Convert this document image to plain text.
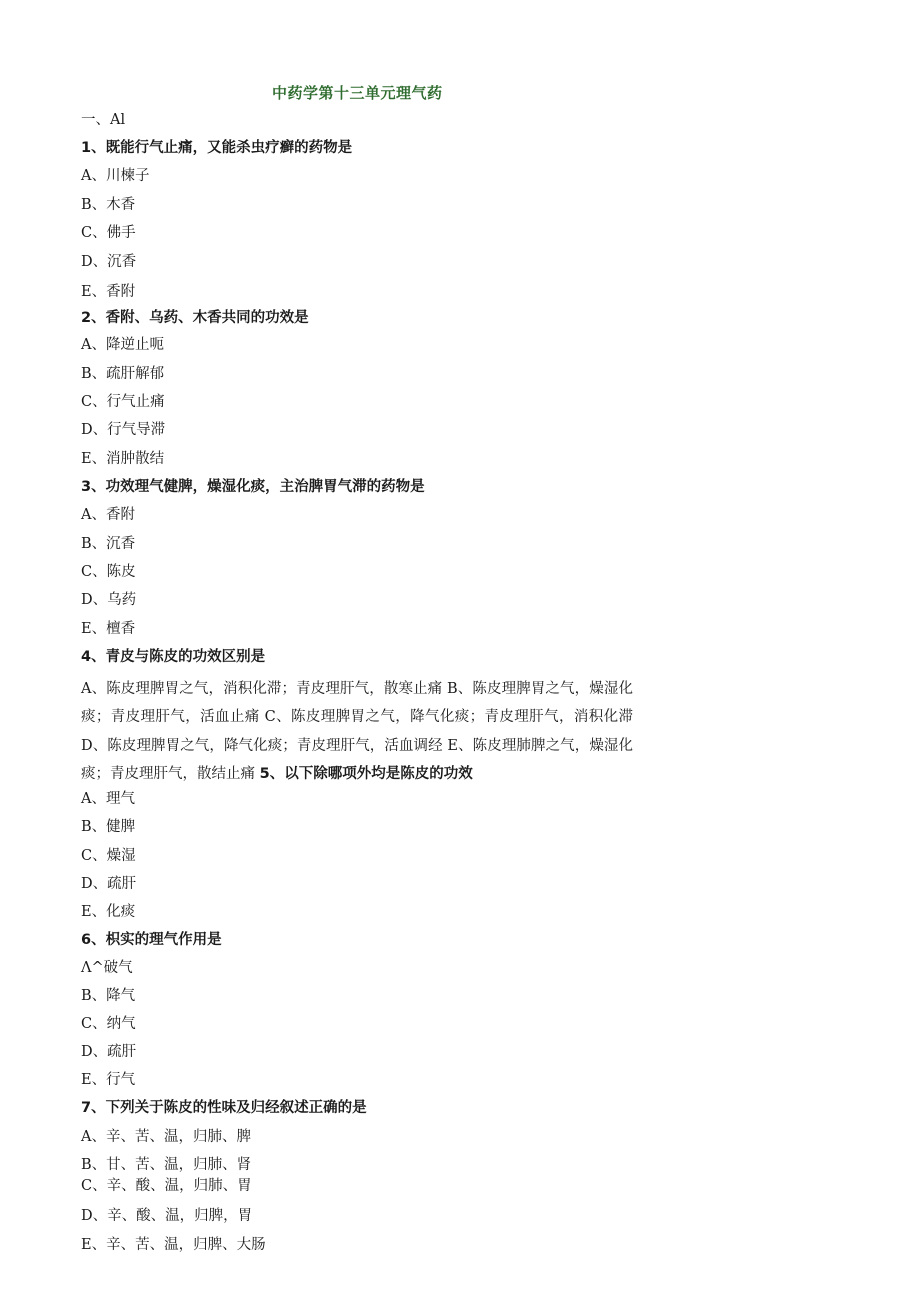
中药学第十三单元理气药
一、Al
1、既能行气止痛，又能杀虫疗癣的药物是
A、川楝子
B、木香
C、佛手
D、沉香
E、香附
2、香附、乌药、木香共同的功效是
A、降逆止呃
B、疏肝解郁
C、行气止痛
D、行气导滞
E、消肿散结
3、功效理气健脾，燥湿化痰，主治脾胃气滞的药物是
A、香附
B、沉香
C、陈皮
D、乌药
E、檀香
4、青皮与陈皮的功效区别是
A、陈皮理脾胃之气，消积化滞；青皮理肝气，散寒止痛 B、陈皮理脾胃之气，燥湿化痰；青皮理肝气，活血止痛 C、陈皮理脾胃之气，降气化痰；青皮理肝气，消积化滞 D、陈皮理脾胃之气，降气化痰；青皮理肝气，活血调经 E、陈皮理肺脾之气，燥湿化痰；青皮理肝气，散结止痛 5、以下除哪项外均是陈皮的功效
A、理气
B、健脾
C、燥湿
D、疏肝
E、化痰
6、枳实的理气作用是
Λ^破气
B、降气
C、纳气
D、疏肝
E、行气
7、下列关于陈皮的性味及归经叙述正确的是
A、辛、苦、温，归肺、脾
B、甘、苦、温，归肺、肾
C、辛、酸、温，归肺、胃
D、辛、酸、温，归脾，胃
E、辛、苦、温，归脾、大肠
